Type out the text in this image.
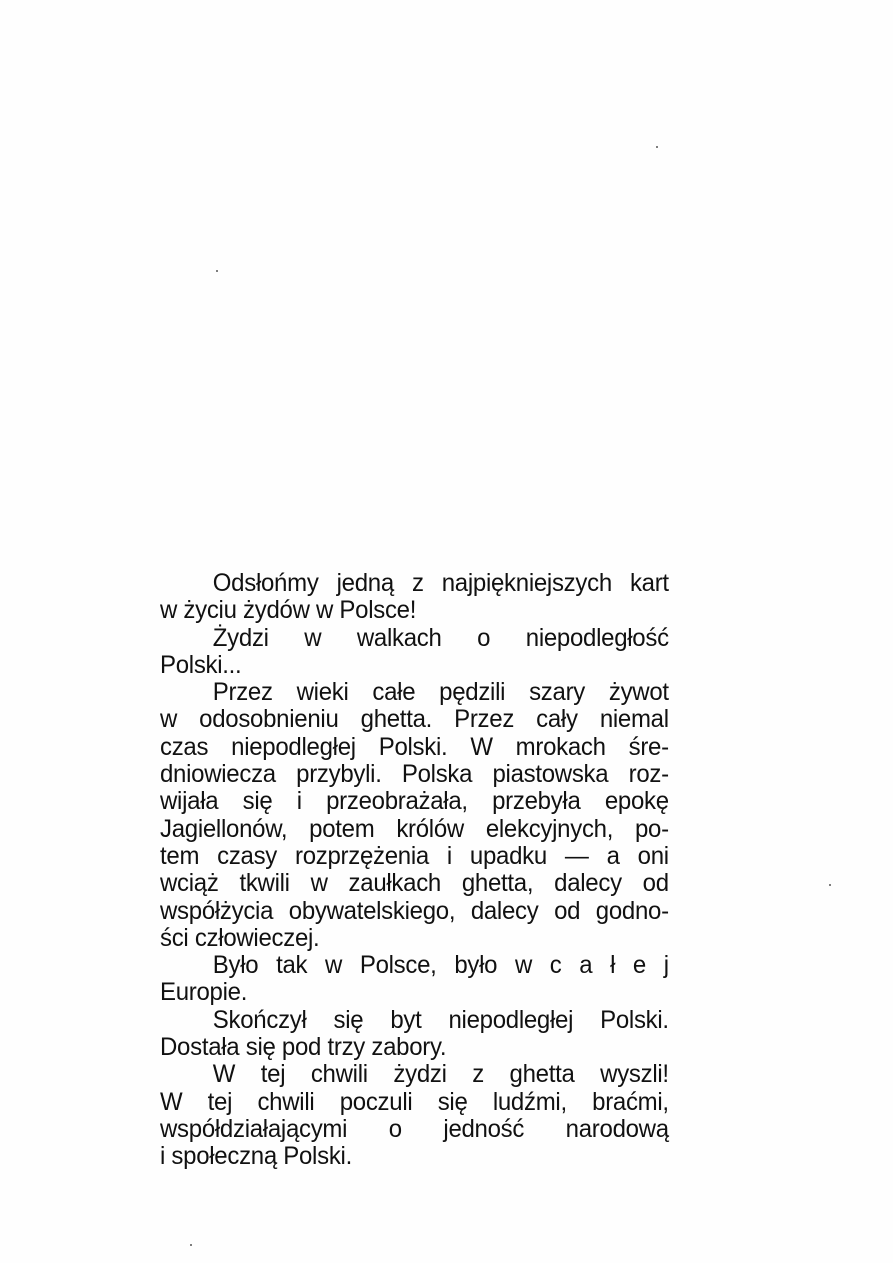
Odsłońmy jedną z najpiękniejszych kart
w życiu żydów w Polsce!
Żydzi w walkach o niepodległość
Polski...
Przez wieki całe pędzili szary żywot
w odosobnieniu ghetta. Przez cały niemal
czas niepodległej Polski. W mrokach śre-
dniowiecza przybyli. Polska piastowska roz-
wijała się i przeobrażała, przebyła epokę
Jagiellonów, potem królów elekcyjnych, po-
tem czasy rozprzężenia i upadku — a oni
wciąż tkwili w zaułkach ghetta, dalecy od
współżycia obywatelskiego, dalecy od godno-
ści człowieczej.
Było tak w Polsce, było w c a ł e j
Europie.
Skończył się byt niepodległej Polski.
Dostała się pod trzy zabory.
W tej chwili żydzi z ghetta wyszli!
W tej chwili poczuli się ludźmi, braćmi,
współdziałającymi o jedność narodową
i społeczną Polski.
